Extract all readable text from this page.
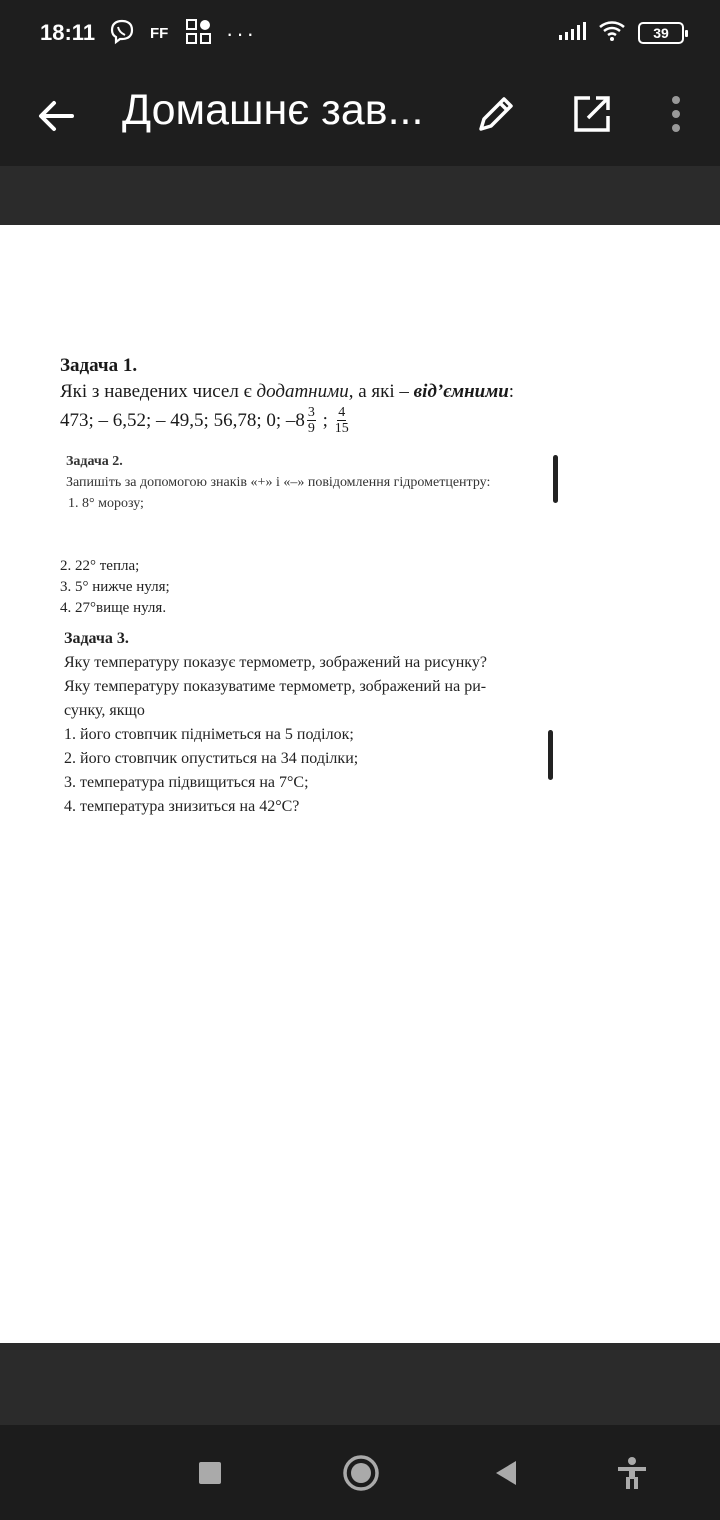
18:11	FF	···	39
Домашнє зав...
Задача 1.
Які з наведених чисел є додатними, а які – від’ємними:
473; – 6,52; – 49,5; 56,78; 0; $-8 \frac{3}{9}$ ; $\frac{4}{15}$
Задача 2.
Запишіть за допомогою знаків «+» і «–» повідомлення гідрометцентру:
1. 8° морозу;
2. 22° тепла;
3. 5° нижче нуля;
4. 27°вище нуля.
Задача 3.
Яку температуру показує термометр, зображений на рисунку?
Яку температуру показуватиме термометр, зображений на ри-
сунку, якщо
1. його стовпчик підніметься на 5 поділок;
2. його стовпчик опуститься на 34 поділки;
3. температура підвищиться на 7°С;
4. температура знизиться на 42°С?
